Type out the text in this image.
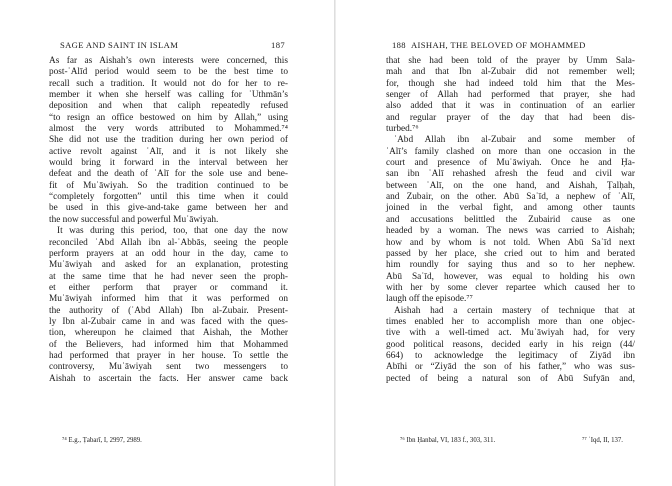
SAGE AND SAINT IN ISLAM	187
As far as Aishah’s own interests were concerned, this
post-ʿAlīd period would seem to be the best time to
recall such a tradition. It would not do for her to re-
member it when she herself was calling for ʿUthmān’s
deposition and when that caliph repeatedly refused
“to resign an office bestowed on him by Allah,” using
almost the very words attributed to Mohammed.⁷⁴
She did not use the tradition during her own period of
active revolt against ʿAlī, and it is not likely she
would bring it forward in the interval between her
defeat and the death of ʿAlī for the sole use and bene-
fit of Muʿāwiyah. So the tradition continued to be
“completely forgotten” until this time when it could
be used in this give-and-take game between her and
the now successful and powerful Muʿāwiyah.
It was during this period, too, that one day the now
reconciled ʿAbd Allah ibn al-ʿAbbās, seeing the people
perform prayers at an odd hour in the day, came to
Muʿāwiyah and asked for an explanation, protesting
at the same time that he had never seen the proph-
et either perform that prayer or command it.
Muʿāwiyah informed him that it was performed on
the authority of (ʿAbd Allah) Ibn al-Zubair. Present-
ly Ibn al-Zubair came in and was faced with the ques-
tion, whereupon he claimed that Aishah, the Mother
of the Believers, had informed him that Mohammed
had performed that prayer in her house. To settle the
controversy, Muʿāwiyah sent two messengers to
Aishah to ascertain the facts. Her answer came back
⁷⁴ E.g., Ṭabarī, I, 2997, 2989.
188 AISHAH, THE BELOVED OF MOHAMMED
that she had been told of the prayer by Umm Sala-
mah and that Ibn al-Zubair did not remember well;
for, though she had indeed told him that the Mes-
senger of Allah had performed that prayer, she had
also added that it was in continuation of an earlier
and regular prayer of the day that had been dis-
turbed.⁷⁶
ʿAbd Allah ibn al-Zubair and some member of
ʿAlī’s family clashed on more than one occasion in the
court and presence of Muʿāwiyah. Once he and Ḥa-
san ibn ʿAlī rehashed afresh the feud and civil war
between ʿAlī, on the one hand, and Aishah, Ṭalḥah,
and Zubair, on the other. Abū Saʿīd, a nephew of ʿAlī,
joined in the verbal fight, and among other taunts
and accusations belittled the Zubairid cause as one
headed by a woman. The news was carried to Aishah;
how and by whom is not told. When Abū Saʿīd next
passed by her place, she cried out to him and berated
him roundly for saying thus and so to her nephew.
Abū Saʿīd, however, was equal to holding his own
with her by some clever repartee which caused her to
laugh off the episode.⁷⁷
Aishah had a certain mastery of technique that at
times enabled her to accomplish more than one objec-
tive with a well-timed act. Muʿāwiyah had, for very
good political reasons, decided early in his reign (44/
664) to acknowledge the legitimacy of Ziyād ibn
Abīhi or “Ziyād the son of his father,” who was sus-
pected of being a natural son of Abū Sufyān and,
⁷⁶ Ibn Ḥanbal, VI, 183 f., 303, 311.	⁷⁷ ʿIqd, II, 137.
